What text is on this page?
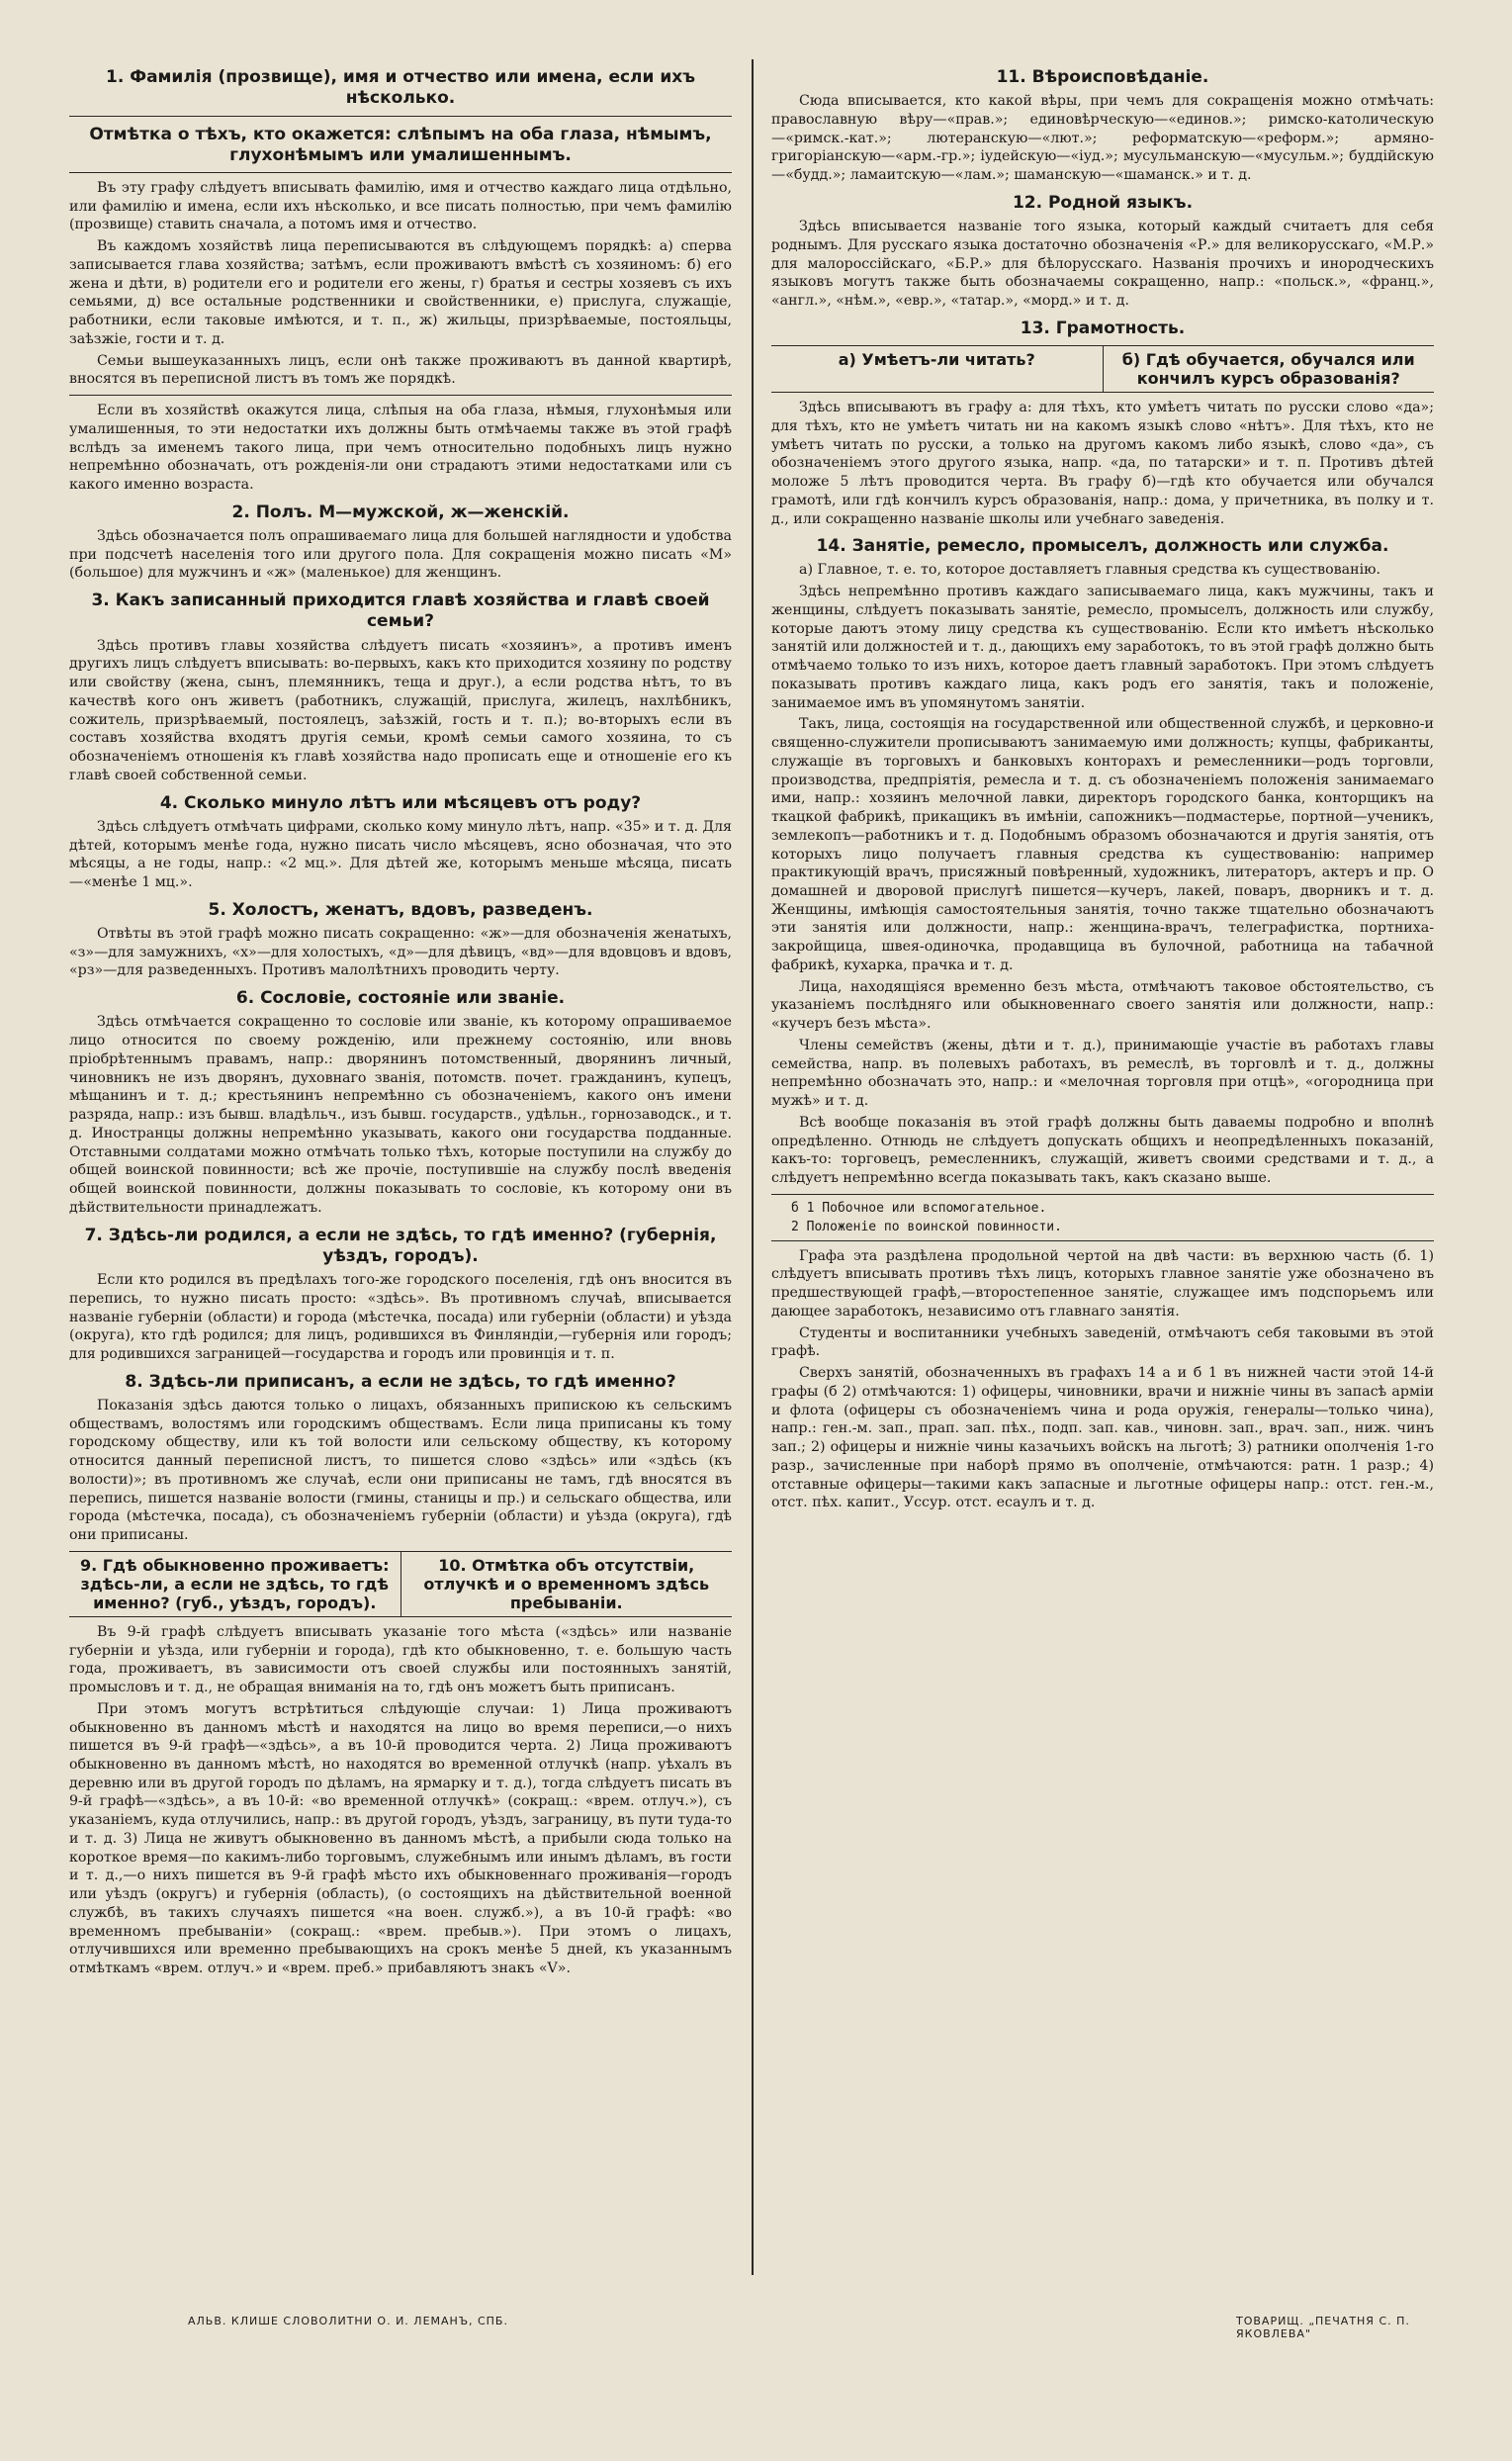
1. Фамилія (прозвище), имя и отчество или имена, если ихъ нѣсколько.
Отмѣтка о тѣхъ, кто окажется: слѣпымъ на оба глаза, нѣмымъ, глухонѣмымъ или умалишеннымъ.

Въ эту графу слѣдуетъ вписывать фамилію, имя и отчество каждаго лица отдѣльно, или фамилію и имена, если ихъ нѣсколько, и все писать полностью, при чемъ фамилію (прозвище) ставить сначала, а потомъ имя и отчество.

Въ каждомъ хозяйствѣ лица переписываются въ слѣдующемъ порядкѣ: а) сперва записывается глава хозяйства; затѣмъ, если проживаютъ вмѣстѣ съ хозяиномъ: б) его жена и дѣти, в) родители его и родители его жены, г) братья и сестры хозяевъ съ ихъ семьями, д) все остальные родственники и свойственники, е) прислуга, служащіе, работники, если таковые имѣются, и т. п., ж) жильцы, призрѣваемые, постояльцы, заѣзжіе, гости и т. д.

Семьи вышеуказанныхъ лицъ, если онѣ также проживаютъ въ данной квартирѣ, вносятся въ переписной листъ въ томъ же порядкѣ.

Если въ хозяйствѣ окажутся лица, слѣпыя на оба глаза, нѣмыя, глухонѣмыя или умалишенныя, то эти недостатки ихъ должны быть отмѣчаемы также въ этой графѣ вслѣдъ за именемъ такого лица, при чемъ относительно подобныхъ лицъ нужно непремѣнно обозначать, отъ рожденія-ли они страдаютъ этими недостатками или съ какого именно возраста.

2. Полъ. М—мужской, ж—женскій.

Здѣсь обозначается полъ опрашиваемаго лица для большей наглядности и удобства при подсчетѣ населенія того или другого пола. Для сокращенія можно писать «М» (большое) для мужчинъ и «ж» (маленькое) для женщинъ.

3. Какъ записанный приходится главѣ хозяйства и главѣ своей семьи?

Здѣсь противъ главы хозяйства слѣдуетъ писать «хозяинъ», а противъ именъ другихъ лицъ слѣдуетъ вписывать: во-первыхъ, какъ кто приходится хозяину по родству или свойству (жена, сынъ, племянникъ, теща и друг.), а если родства нѣтъ, то въ качествѣ кого онъ живетъ (работникъ, служащій, прислуга, жилецъ, нахлѣбникъ, сожитель, призрѣваемый, постоялецъ, заѣзжій, гость и т. п.); во-вторыхъ если въ составъ хозяйства входятъ другія семьи, кромѣ семьи самого хозяина, то съ обозначеніемъ отношенія къ главѣ хозяйства надо прописать еще и отношеніе его къ главѣ своей собственной семьи.

4. Сколько минуло лѣтъ или мѣсяцевъ отъ роду?

Здѣсь слѣдуетъ отмѣчать цифрами, сколько кому минуло лѣтъ, напр. «35» и т. д. Для дѣтей, которымъ менѣе года, нужно писать число мѣсяцевъ, ясно обозначая, что это мѣсяцы, а не годы, напр.: «2 мц.». Для дѣтей же, которымъ меньше мѣсяца, писать—«менѣе 1 мц.».

5. Холостъ, женатъ, вдовъ, разведенъ.

Отвѣты въ этой графѣ можно писать сокращенно: «ж»—для обозначенія женатыхъ, «з»—для замужнихъ, «х»—для холостыхъ, «д»—для дѣвицъ, «вд»—для вдовцовъ и вдовъ, «рз»—для разведенныхъ. Противъ малолѣтнихъ проводить черту.

6. Сословіе, состояніе или званіе.

Здѣсь отмѣчается сокращенно то сословіе или званіе, къ которому опрашиваемое лицо относится по своему рожденію, или прежнему состоянію, или вновь пріобрѣтеннымъ правамъ, напр.: дворянинъ потомственный, дворянинъ личный, чиновникъ не изъ дворянъ, духовнаго званія, потомств. почет. гражданинъ, купецъ, мѣщанинъ и т. д.; крестьянинъ непремѣнно съ обозначеніемъ, какого онъ имени разряда, напр.: изъ бывш. владѣльч., изъ бывш. государств., удѣльн., горнозаводск., и т. д. Иностранцы должны непремѣнно указывать, какого они государства подданные. Отставными солдатами можно отмѣчать только тѣхъ, которые поступили на службу до общей воинской повинности; всѣ же прочіе, поступившіе на службу послѣ введенія общей воинской повинности, должны показывать то сословіе, къ которому они въ дѣйствительности принадлежатъ.

7. Здѣсь-ли родился, а если не здѣсь, то гдѣ именно? (губернія, уѣздъ, городъ).

Если кто родился въ предѣлахъ того-же городского поселенія, гдѣ онъ вносится въ перепись, то нужно писать просто: «здѣсь». Въ противномъ случаѣ, вписывается названіе губерніи (области) и города (мѣстечка, посада) или губерніи (области) и уѣзда (округа), кто гдѣ родился; для лицъ, родившихся въ Финляндіи,—губернія или городъ; для родившихся заграницей—государства и городъ или провинція и т. п.

8. Здѣсь-ли приписанъ, а если не здѣсь, то гдѣ именно?

Показанія здѣсь даются только о лицахъ, обязанныхъ припискою къ сельскимъ обществамъ, волостямъ или городскимъ обществамъ. Если лица приписаны къ тому городскому обществу, или къ той волости или сельскому обществу, къ которому относится данный переписной листъ, то пишется слово «здѣсь» или «здѣсь (къ волости)»; въ противномъ же случаѣ, если они приписаны не тамъ, гдѣ вносятся въ перепись, пишется названіе волости (гмины, станицы и пр.) и сельскаго общества, или города (мѣстечка, посада), съ обозначеніемъ губерніи (области) и уѣзда (округа), гдѣ они приписаны.

9. Гдѣ обыкновенно проживаетъ: здѣсь-ли, а если не здѣсь, то гдѣ именно? (губ., уѣздъ, городъ).
10. Отмѣтка объ отсутствіи, отлучкѣ и о временномъ здѣсь пребываніи.

Въ 9-й графѣ слѣдуетъ вписывать указаніе того мѣста («здѣсь» или названіе губерніи и уѣзда, или губерніи и города), гдѣ кто обыкновенно, т. е. большую часть года, проживаетъ, въ зависимости отъ своей службы или постоянныхъ занятій, промысловъ и т. д., не обращая вниманія на то, гдѣ онъ можетъ быть приписанъ.

При этомъ могутъ встрѣтиться слѣдующіе случаи: 1) Лица проживаютъ обыкновенно въ данномъ мѣстѣ и находятся на лицо во время переписи,—о нихъ пишется въ 9-й графѣ—«здѣсь», а въ 10-й проводится черта. 2) Лица проживаютъ обыкновенно въ данномъ мѣстѣ, но находятся во временной отлучкѣ (напр. уѣхалъ въ деревню или въ другой городъ по дѣламъ, на ярмарку и т. д.), тогда слѣдуетъ писать въ 9-й графѣ—«здѣсь», а въ 10-й: «во временной отлучкѣ» (сокращ.: «врем. отлуч.»), съ указаніемъ, куда отлучились, напр.: въ другой городъ, уѣздъ, заграницу, въ пути туда-то и т. д. 3) Лица не живутъ обыкновенно въ данномъ мѣстѣ, а прибыли сюда только на короткое время—по какимъ-либо торговымъ, служебнымъ или инымъ дѣламъ, въ гости и т. д.,—о нихъ пишется въ 9-й графѣ мѣсто ихъ обыкновеннаго проживанія—городъ или уѣздъ (округъ) и губернія (область), (о состоящихъ на дѣйствительной военной службѣ, въ такихъ случаяхъ пишется «на воен. служб.»), а въ 10-й графѣ: «во временномъ пребываніи» (сокращ.: «врем. пребыв.»). При этомъ о лицахъ, отлучившихся или временно пребывающихъ на срокъ менѣе 5 дней, къ указаннымъ отмѣткамъ «врем. отлуч.» и «врем. преб.» прибавляютъ знакъ «V».

11. Вѣроисповѣданіе.

Сюда вписывается, кто какой вѣры, при чемъ для сокращенія можно отмѣчать: православную вѣру—«прав.»; единовѣрческую—«единов.»; римско-католическую—«римск.-кат.»; лютеранскую—«лют.»; реформатскую—«реформ.»; армяно-григоріанскую—«арм.-гр.»; іудейскую—«іуд.»; мусульманскую—«мусульм.»; буддійскую—«будд.»; ламаитскую—«лам.»; шаманскую—«шаманск.» и т. д.

12. Родной языкъ.

Здѣсь вписывается названіе того языка, который каждый считаетъ для себя роднымъ. Для русскаго языка достаточно обозначенія «Р.» для великорусскаго, «М.Р.» для малороссійскаго, «Б.Р.» для бѣлорусскаго. Названія прочихъ и инородческихъ языковъ могутъ также быть обозначаемы сокращенно, напр.: «польск.», «франц.», «англ.», «нѣм.», «евр.», «татар.», «морд.» и т. д.

13. Грамотность.
а) Умѣетъ-ли читать?	б) Гдѣ обучается, обучался или кончилъ курсъ образованія?

Здѣсь вписываютъ въ графу а: для тѣхъ, кто умѣетъ читать по русски слово «да»; для тѣхъ, кто не умѣетъ читать ни на какомъ языкѣ слово «нѣтъ». Для тѣхъ, кто не умѣетъ читать по русски, а только на другомъ какомъ либо языкѣ, слово «да», съ обозначеніемъ этого другого языка, напр. «да, по татарски» и т. п. Противъ дѣтей моложе 5 лѣтъ проводится черта. Въ графу б)—гдѣ кто обучается или обучался грамотѣ, или гдѣ кончилъ курсъ образованія, напр.: дома, у причетника, въ полку и т. д., или сокращенно названіе школы или учебнаго заведенія.

14. Занятіе, ремесло, промыселъ, должность или служба.

а) Главное, т. е. то, которое доставляетъ главныя средства къ существованію.

Здѣсь непремѣнно противъ каждаго записываемаго лица, какъ мужчины, такъ и женщины, слѣдуетъ показывать занятіе, ремесло, промыселъ, должность или службу, которые даютъ этому лицу средства къ существованію. Если кто имѣетъ нѣсколько занятій или должностей и т. д., дающихъ ему заработокъ, то въ этой графѣ должно быть отмѣчаемо только то изъ нихъ, которое даетъ главный заработокъ. При этомъ слѣдуетъ показывать противъ каждаго лица, какъ родъ его занятія, такъ и положеніе, занимаемое имъ въ упомянутомъ занятіи.

Такъ, лица, состоящія на государственной или общественной службѣ, и церковно-и священно-служители прописываютъ занимаемую ими должность; купцы, фабриканты, служащіе въ торговыхъ и банковыхъ конторахъ и ремесленники—родъ торговли, производства, предпріятія, ремесла и т. д. съ обозначеніемъ положенія занимаемаго ими, напр.: хозяинъ мелочной лавки, директоръ городского банка, конторщикъ на ткацкой фабрикѣ, прикащикъ въ имѣніи, сапожникъ—подмастерье, портной—ученикъ, землекопъ—работникъ и т. д. Подобнымъ образомъ обозначаются и другія занятія, отъ которыхъ лицо получаетъ главныя средства къ существованію: например практикующій врачъ, присяжный повѣренный, художникъ, литераторъ, актеръ и пр. О домашней и дворовой прислугѣ пишется—кучеръ, лакей, поваръ, дворникъ и т. д. Женщины, имѣющія самостоятельныя занятія, точно также тщательно обозначаютъ эти занятія или должности, напр.: женщина-врачъ, телеграфистка, портниха-закройщица, швея-одиночка, продавщица въ булочной, работница на табачной фабрикѣ, кухарка, прачка и т. д.

Лица, находящіяся временно безъ мѣста, отмѣчаютъ таковое обстоятельство, съ указаніемъ послѣдняго или обыкновеннаго своего занятія или должности, напр.: «кучеръ безъ мѣста».

Члены семействъ (жены, дѣти и т. д.), принимающіе участіе въ работахъ главы семейства, напр. въ полевыхъ работахъ, въ ремеслѣ, въ торговлѣ и т. д., должны непремѣнно обозначать это, напр.: и «мелочная торговля при отцѣ», «огородница при мужѣ» и т. д.

Всѣ вообще показанія въ этой графѣ должны быть даваемы подробно и вполнѣ опредѣленно. Отнюдь не слѣдуетъ допускать общихъ и неопредѣленныхъ показаній, какъ-то: торговецъ, ремесленникъ, служащій, живетъ своими средствами и т. д., а слѣдуетъ непремѣнно всегда показывать такъ, какъ сказано выше.

б 1 Побочное или вспомогательное.
2 Положеніе по воинской повинности.

Графа эта раздѣлена продольной чертой на двѣ части: въ верхнюю часть (б. 1) слѣдуетъ вписывать противъ тѣхъ лицъ, которыхъ главное занятіе уже обозначено въ предшествующей графѣ,—второстепенное занятіе, служащее имъ подспорьемъ или дающее заработокъ, независимо отъ главнаго занятія.

Студенты и воспитанники учебныхъ заведеній, отмѣчаютъ себя таковыми въ этой графѣ.

Сверхъ занятій, обозначенныхъ въ графахъ 14 а и б 1 въ нижней части этой 14-й графы (б 2) отмѣчаются: 1) офицеры, чиновники, врачи и нижніе чины въ запасѣ арміи и флота (офицеры съ обозначеніемъ чина и рода оружія, генералы—только чина), напр.: ген.-м. зап., прап. зап. пѣх., подп. зап. кав., чиновн. зап., врач. зап., ниж. чинъ зап.; 2) офицеры и нижніе чины казачьихъ войскъ на льготѣ; 3) ратники ополченія 1-го разр., зачисленные при наборѣ прямо въ ополченіе, отмѣчаются: ратн. 1 разр.; 4) отставные офицеры—такими какъ запасные и льготные офицеры напр.: отст. ген.-м., отст. пѣх. капит., Уссур. отст. есаулъ и т. д.

АЛЬВ. КЛИШЕ СЛОВОЛИТНИ О. И. ЛЕМАНЪ, СПБ.	ТОВАРИЩ. „ПЕЧАТНЯ С. П. ЯКОВЛЕВА"
